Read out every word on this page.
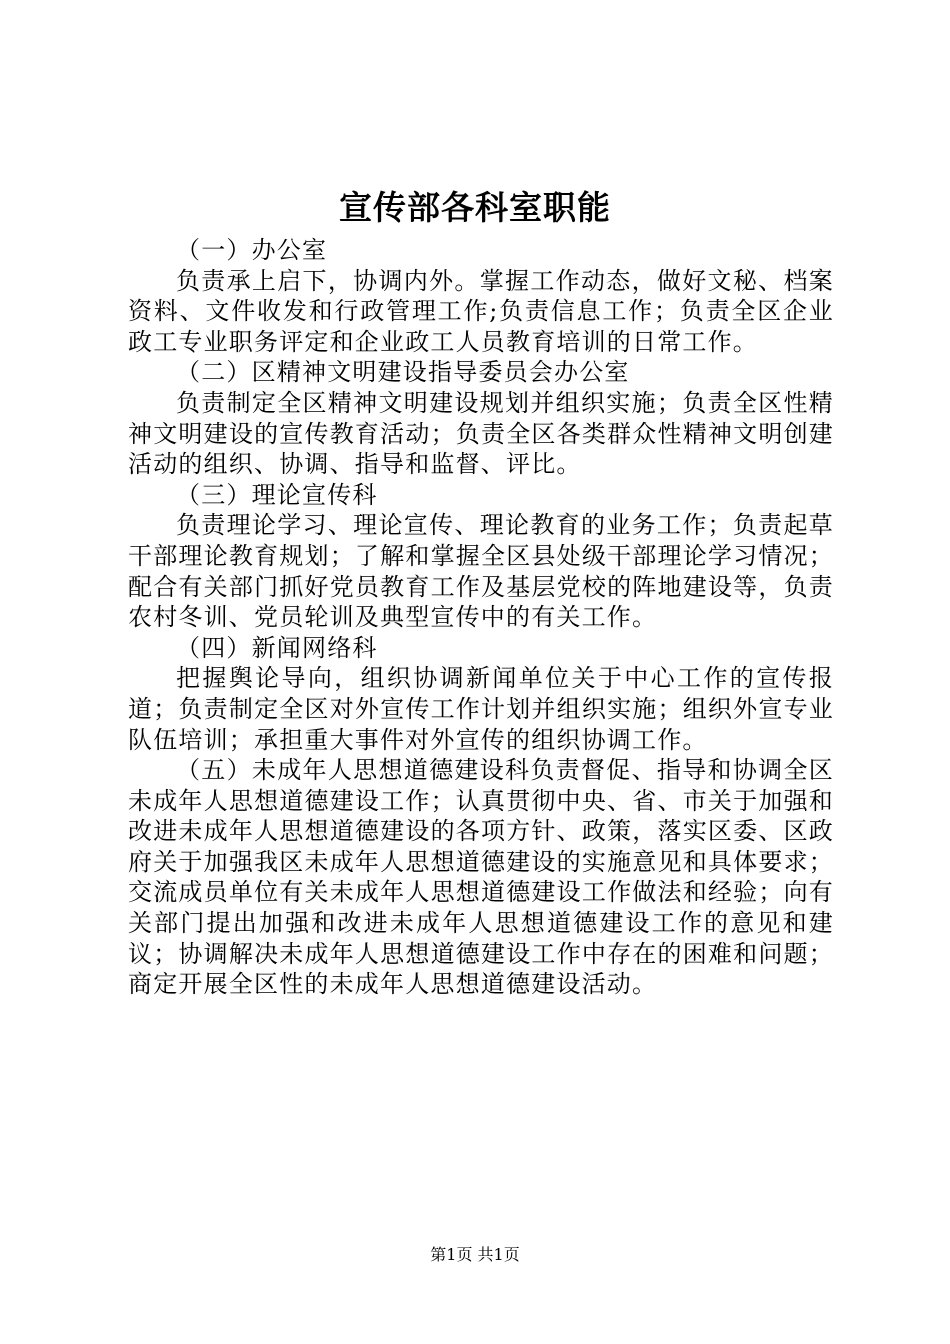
宣传部各科室职能

（一）办公室

负责承上启下，协调内外。掌握工作动态，做好文秘、档案资料、文件收发和行政管理工作;负责信息工作；负责全区企业政工专业职务评定和企业政工人员教育培训的日常工作。

（二）区精神文明建设指导委员会办公室

负责制定全区精神文明建设规划并组织实施；负责全区性精神文明建设的宣传教育活动；负责全区各类群众性精神文明创建活动的组织、协调、指导和监督、评比。

（三）理论宣传科

负责理论学习、理论宣传、理论教育的业务工作；负责起草干部理论教育规划；了解和掌握全区县处级干部理论学习情况；配合有关部门抓好党员教育工作及基层党校的阵地建设等，负责农村冬训、党员轮训及典型宣传中的有关工作。

（四）新闻网络科

把握舆论导向，组织协调新闻单位关于中心工作的宣传报道；负责制定全区对外宣传工作计划并组织实施；组织外宣专业队伍培训；承担重大事件对外宣传的组织协调工作。

（五）未成年人思想道德建设科负责督促、指导和协调全区未成年人思想道德建设工作；认真贯彻中央、省、市关于加强和改进未成年人思想道德建设的各项方针、政策，落实区委、区政府关于加强我区未成年人思想道德建设的实施意见和具体要求；交流成员单位有关未成年人思想道德建设工作做法和经验；向有关部门提出加强和改进未成年人思想道德建设工作的意见和建议；协调解决未成年人思想道德建设工作中存在的困难和问题；商定开展全区性的未成年人思想道德建设活动。

第1页 共1页
